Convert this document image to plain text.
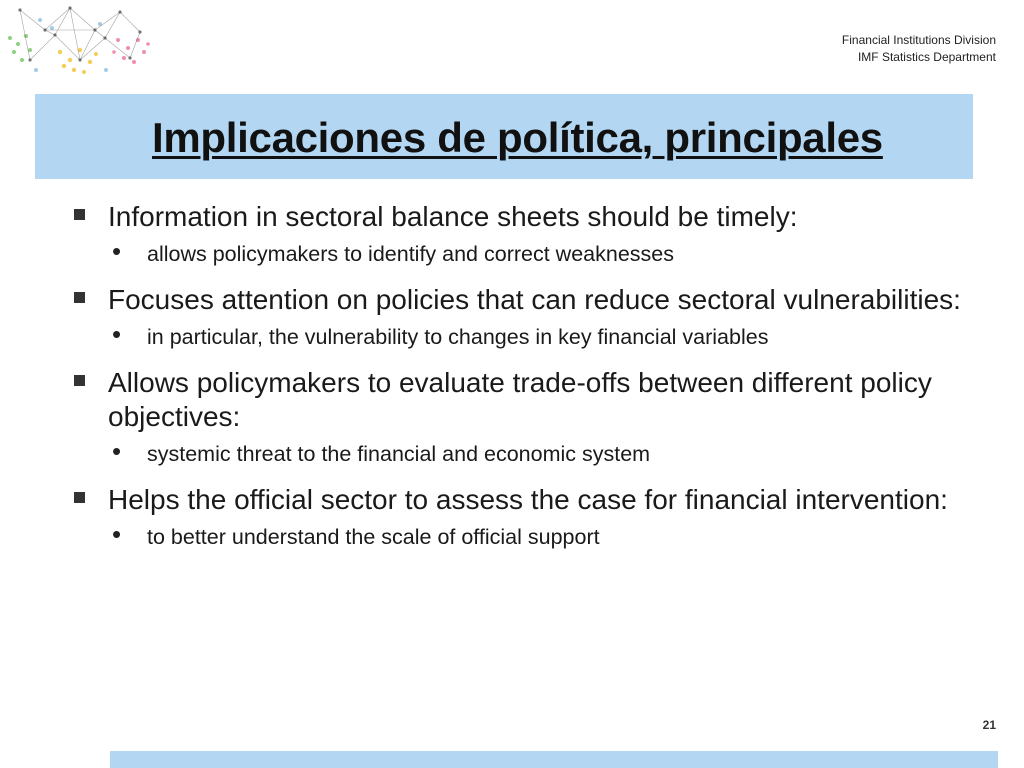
Financial Institutions Division
IMF Statistics Department
Implicaciones de política, principales
Information in sectoral balance sheets should be timely:
• allows policymakers to identify and correct weaknesses
Focuses attention on policies that can reduce sectoral vulnerabilities:
• in particular, the vulnerability to changes in key financial variables
Allows policymakers to evaluate trade-offs between different policy objectives:
• systemic threat to the financial and economic system
Helps the official sector to assess the case for financial intervention:
• to better understand the scale of official support
21
